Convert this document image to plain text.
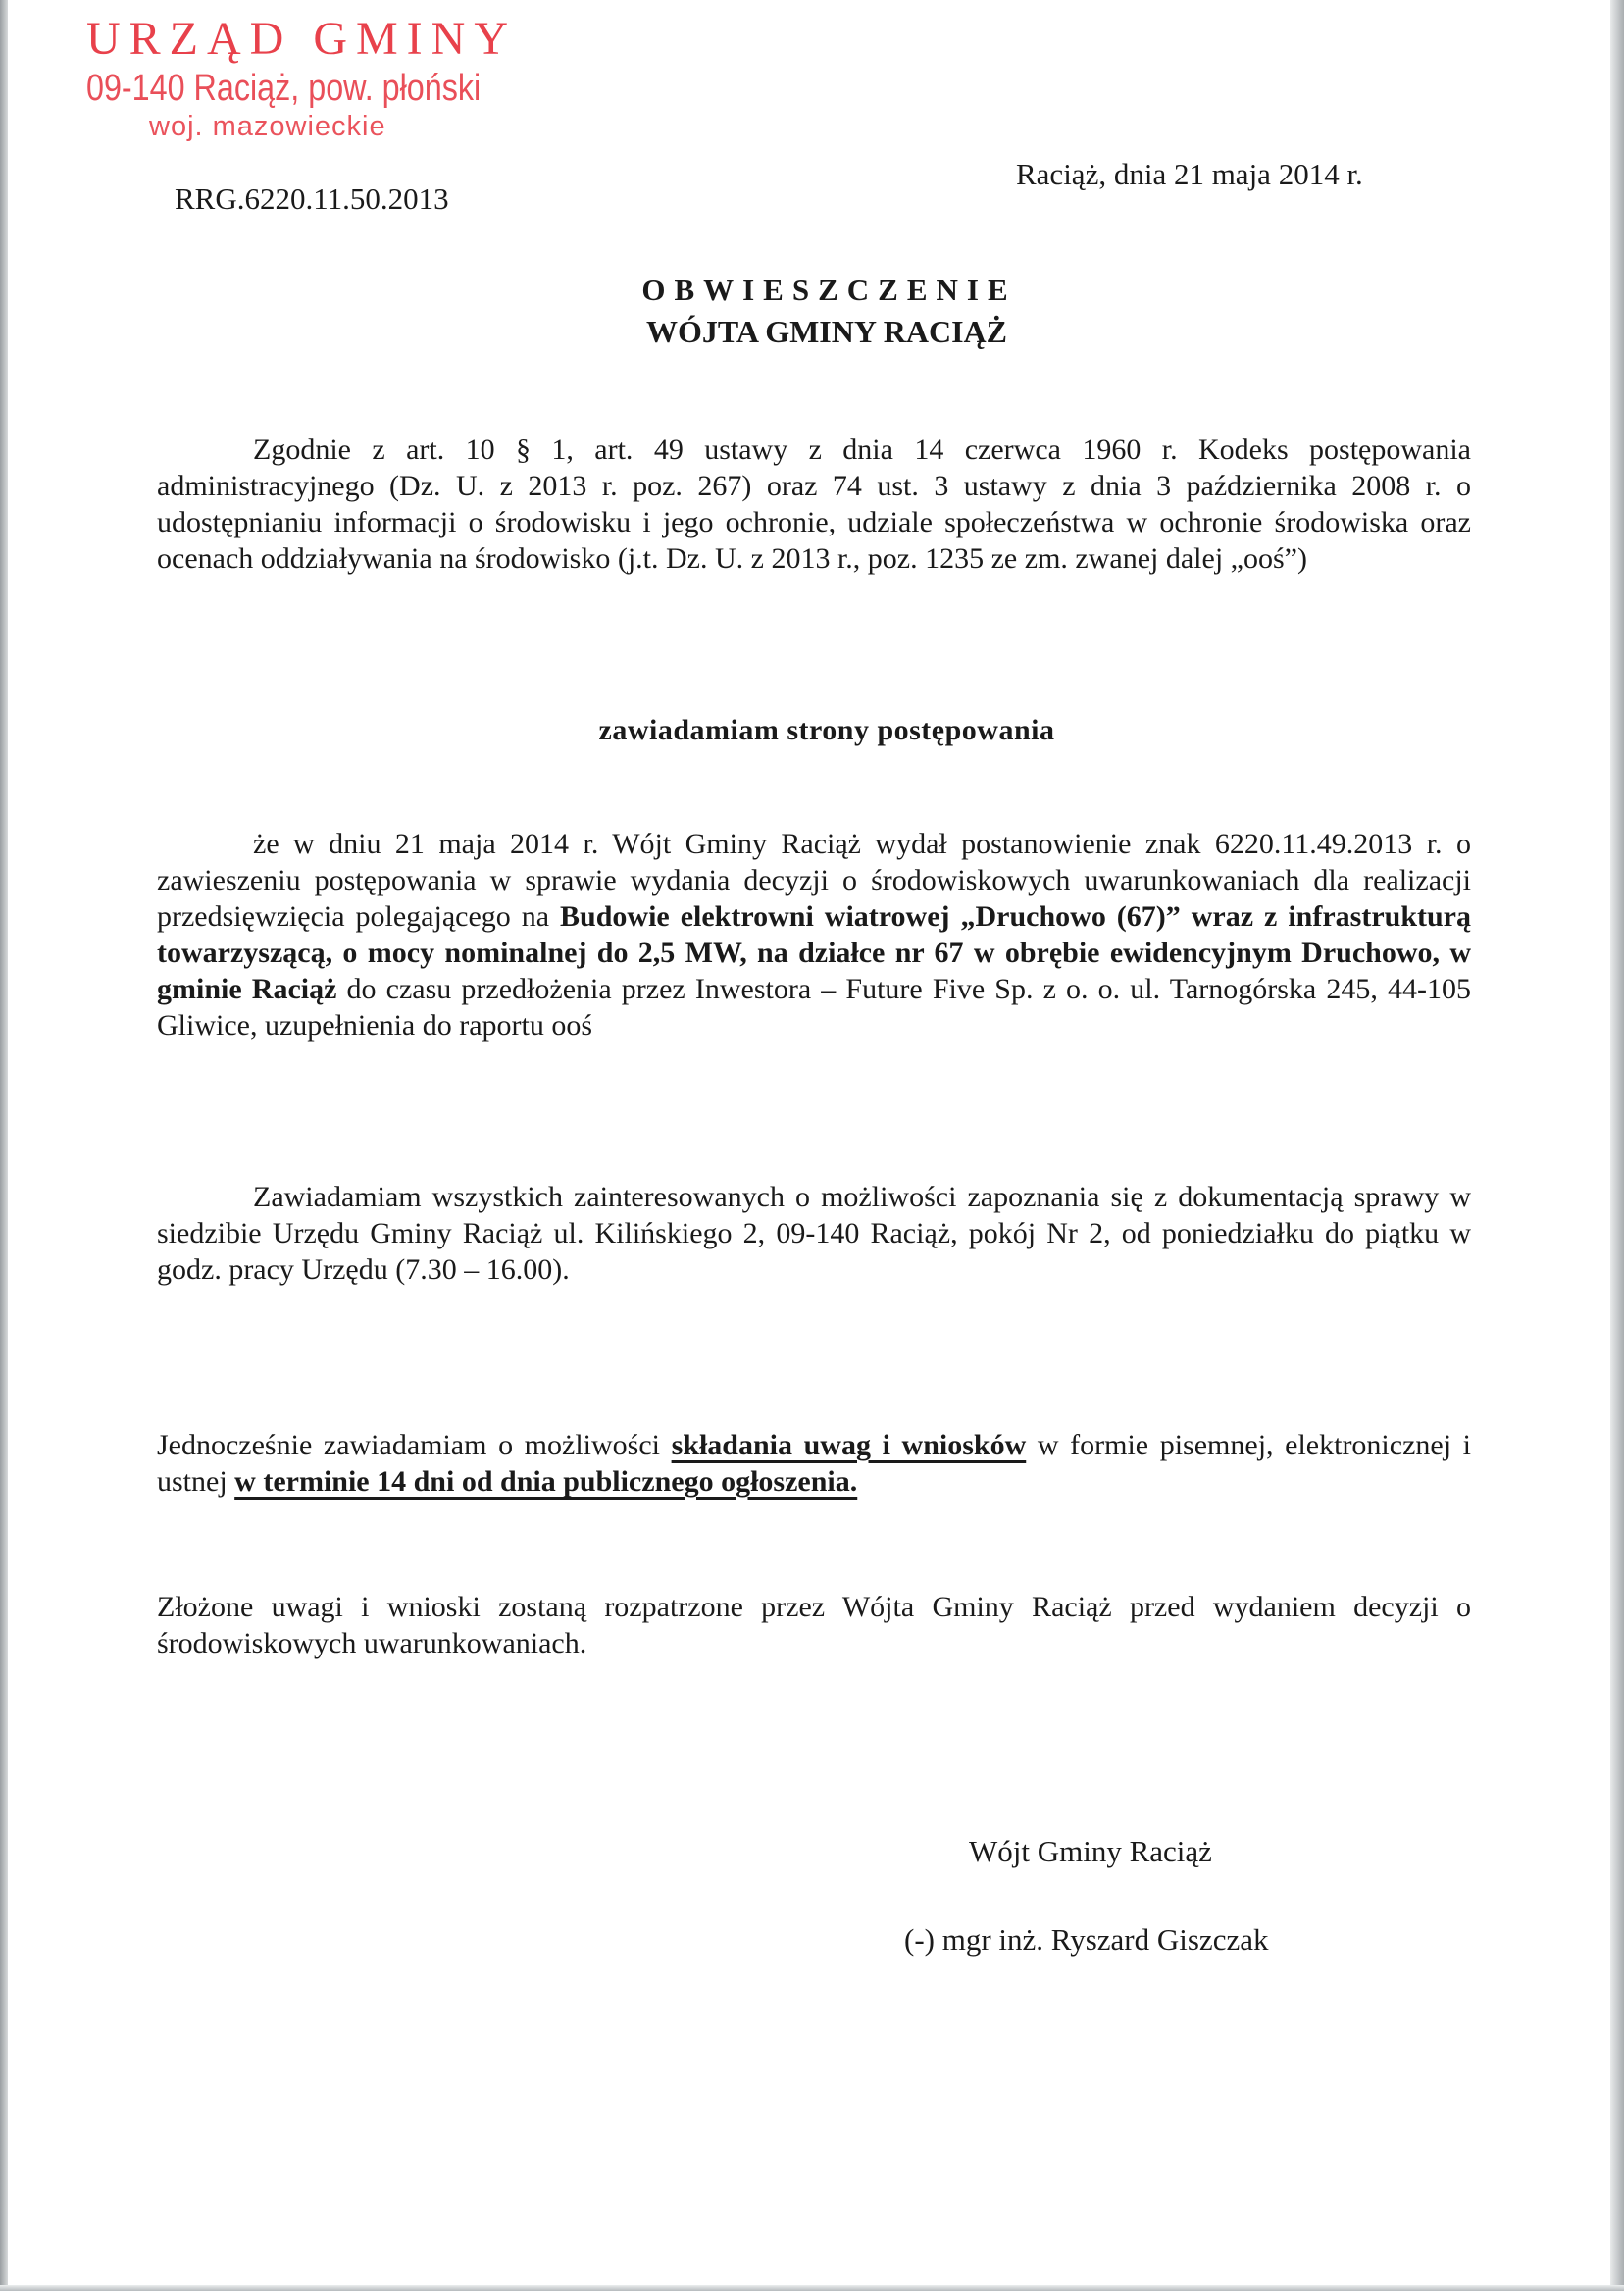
URZĄD GMINY
09-140 Raciąż, pow. płoński
woj. mazowieckie
RRG.6220.11.50.2013
Raciąż, dnia 21 maja 2014 r.
OBWIESZCZENIE
WÓJTA GMINY RACIĄŻ
Zgodnie z art. 10 § 1, art. 49 ustawy z dnia 14 czerwca 1960 r. Kodeks postępowania administracyjnego (Dz. U. z 2013 r. poz. 267) oraz 74 ust. 3 ustawy z dnia 3 października 2008 r. o udostępnianiu informacji o środowisku i jego ochronie, udziale społeczeństwa w ochronie środowiska oraz ocenach oddziaływania na środowisko (j.t. Dz. U. z 2013 r., poz. 1235 ze zm. zwanej dalej „ooś”)
zawiadamiam strony postępowania
że w dniu 21 maja 2014 r. Wójt Gminy Raciąż wydał postanowienie znak 6220.11.49.2013 r. o zawieszeniu postępowania w sprawie wydania decyzji o środowiskowych uwarunkowaniach dla realizacji przedsięwzięcia polegającego na Budowie elektrowni wiatrowej „Druchowo (67)” wraz z infrastrukturą towarzyszącą, o mocy nominalnej do 2,5 MW, na działce nr 67 w obrębie ewidencyjnym Druchowo, w gminie Raciąż do czasu przedłożenia przez Inwestora – Future Five Sp. z o. o. ul. Tarnogórska 245, 44-105 Gliwice, uzupełnienia do raportu ooś
Zawiadamiam wszystkich zainteresowanych o możliwości zapoznania się z dokumentacją sprawy w siedzibie Urzędu Gminy Raciąż ul. Kilińskiego 2, 09-140 Raciąż, pokój Nr 2, od poniedziałku do piątku w godz. pracy Urzędu (7.30 – 16.00).
Jednocześnie zawiadamiam o możliwości składania uwag i wniosków w formie pisemnej, elektronicznej i ustnej w terminie 14 dni od dnia publicznego ogłoszenia.
Złożone uwagi i wnioski zostaną rozpatrzone przez Wójta Gminy Raciąż przed wydaniem decyzji o środowiskowych uwarunkowaniach.
Wójt Gminy Raciąż
(-) mgr inż. Ryszard Giszczak
